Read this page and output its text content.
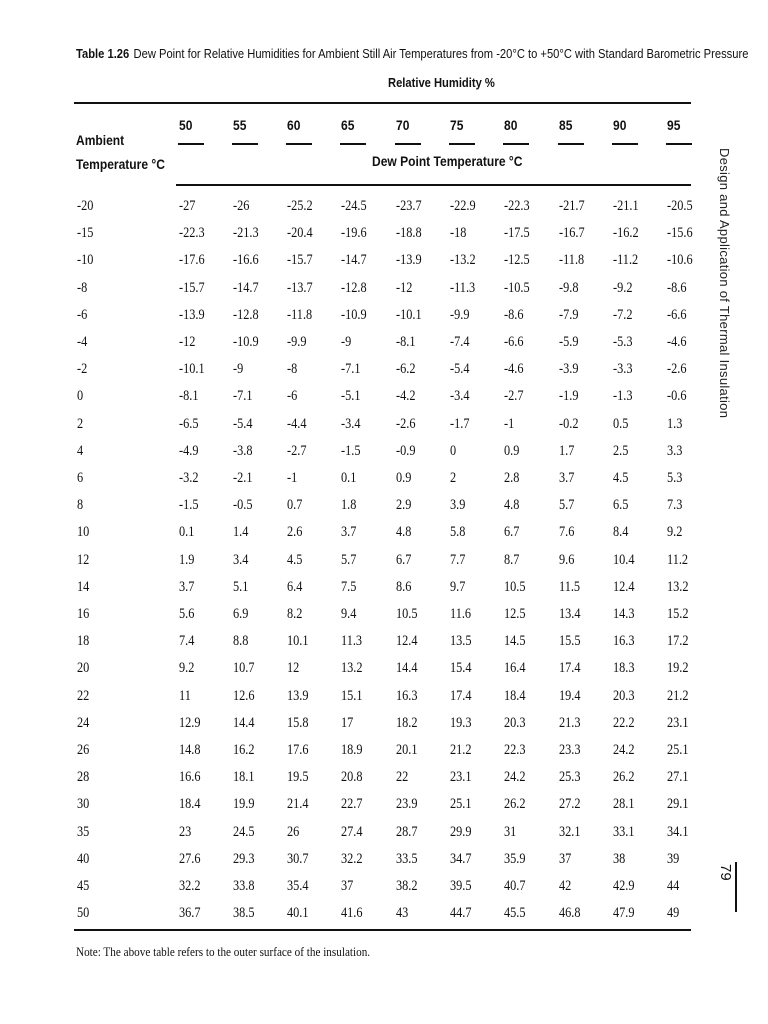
Table 1.26 Dew Point for Relative Humidities for Ambient Still Air Temperatures from -20°C to +50°C with Standard Barometric Pressure
Relative Humidity %
Ambient
Temperature °C
50	55	60	65	70	75	80	85	90	95
Dew Point Temperature °C
-20	-27	-26	-25.2 -24.5 -23.7 -22.9 -22.3 -21.7 -21.1 -20.5
-15	-22.3 -21.3 -20.4 -19.6 -18.8 -18	-17.5 -16.7 -16.2 -15.6
-10	-17.6 -16.6 -15.7 -14.7 -13.9 -13.2 -12.5 -11.8 -11.2 -10.6
-8	-15.7 -14.7 -13.7 -12.8 -12	-11.3 -10.5 -9.8 -9.2 -8.6
-6	-13.9 -12.8 -11.8 -10.9 -10.1 -9.9 -8.6 -7.9 -7.2 -6.6
-4	-12	-10.9 -9.9 -9	-8.1 -7.4 -6.6 -5.9 -5.3 -4.6
-2	-10.1 -9	-8	-7.1 -6.2 -5.4 -4.6 -3.9 -3.3 -2.6
0	-8.1 -7.1 -6	-5.1 -4.2 -3.4 -2.7 -1.9 -1.3 -0.6
2	-6.5 -5.4 -4.4 -3.4 -2.6 -1.7 -1	-0.2 0.5	1.3
4	-4.9 -3.8 -2.7 -1.5 -0.9 0	0.9	1.7	2.5	3.3
6	-3.2 -2.1 -1	0.1	0.9	2	2.8	3.7	4.5	5.3
8	-1.5 -0.5 0.7	1.8	2.9	3.9	4.8	5.7	6.5	7.3
10	0.1	1.4	2.6	3.7	4.8	5.8	6.7	7.6	8.4	9.2
12	1.9	3.4	4.5	5.7	6.7	7.7	8.7	9.6	10.4 11.2
14	3.7	5.1	6.4	7.5	8.6	9.7	10.5 11.5 12.4 13.2
16	5.6	6.9	8.2	9.4	10.5 11.6 12.5 13.4 14.3 15.2
18	7.4	8.8	10.1 11.3 12.4 13.5 14.5 15.5 16.3 17.2
20	9.2	10.7 12	13.2 14.4 15.4 16.4 17.4 18.3 19.2
22	11	12.6 13.9 15.1 16.3 17.4 18.4 19.4 20.3 21.2
24	12.9 14.4 15.8 17	18.2 19.3 20.3 21.3 22.2 23.1
26	14.8 16.2 17.6 18.9 20.1 21.2 22.3 23.3 24.2 25.1
28	16.6 18.1 19.5 20.8 22	23.1 24.2 25.3 26.2 27.1
30	18.4 19.9 21.4 22.7 23.9 25.1 26.2 27.2 28.1 29.1
35	23	24.5 26	27.4 28.7 29.9 31	32.1 33.1 34.1
40	27.6 29.3 30.7 32.2 33.5 34.7 35.9 37	38	39
45	32.2 33.8 35.4 37	38.2 39.5 40.7 42	42.9 44
50	36.7 38.5 40.1 41.6 43	44.7 45.5 46.8 47.9 49
Note: The above table refers to the outer surface of the insulation.
Design and Application of Thermal Insulation
79
